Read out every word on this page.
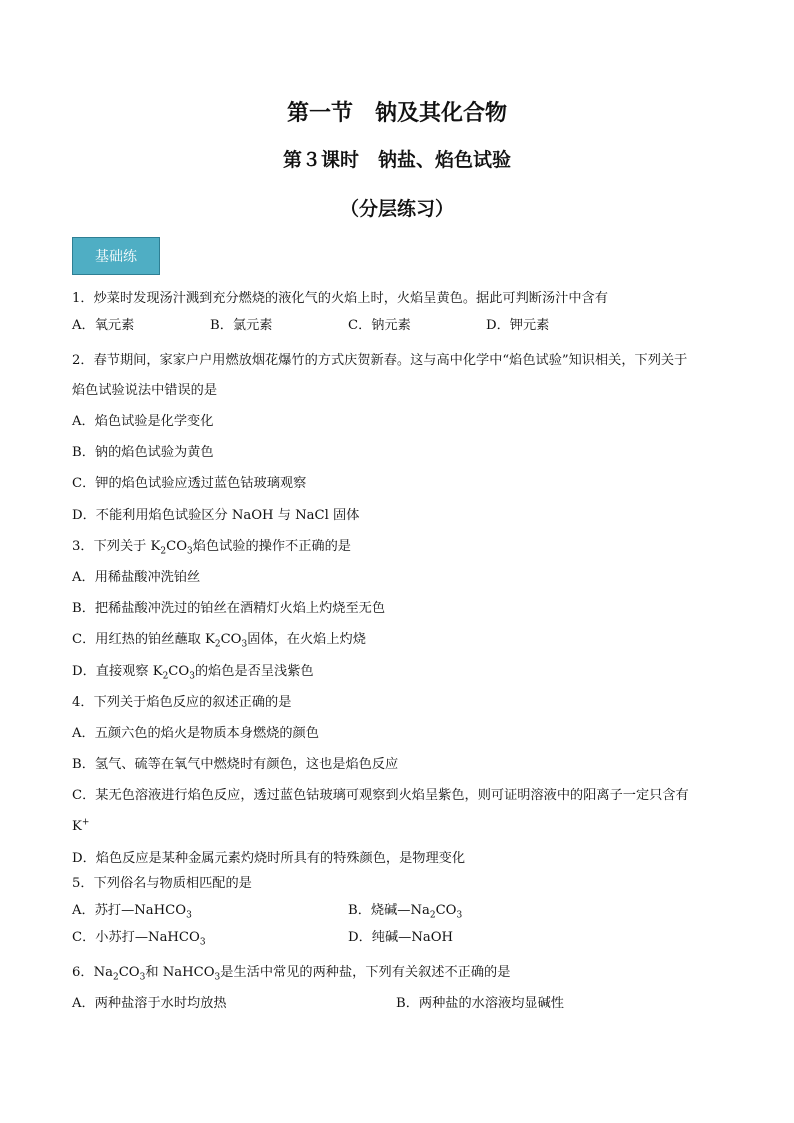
第一节　钠及其化合物
第３课时　钠盐、焰色试验
（分层练习）
基础练
1．炒菜时发现汤汁溅到充分燃烧的液化气的火焰上时，火焰呈黄色。据此可判断汤汁中含有
A．氧元素	B．氯元素	C．钠元素	D．钾元素
2．春节期间，家家户户用燃放烟花爆竹的方式庆贺新春。这与高中化学中“焰色试验”知识相关，下列关于
焰色试验说法中错误的是
A．焰色试验是化学变化
B．钠的焰色试验为黄色
C．钾的焰色试验应透过蓝色钴玻璃观察
D．不能利用焰色试验区分 NaOH 与 NaCl 固体
3．下列关于 $K_2CO_3$焰色试验的操作不正确的是
A．用稀盐酸冲洗铂丝
B．把稀盐酸冲洗过的铂丝在酒精灯火焰上灼烧至无色
C．用红热的铂丝蘸取 $K_2CO_3$固体，在火焰上灼烧
D．直接观察 $K_2CO_3$的焰色是否呈浅紫色
4．下列关于焰色反应的叙述正确的是
A．五颜六色的焰火是物质本身燃烧的颜色
B．氢气、硫等在氧气中燃烧时有颜色，这也是焰色反应
C．某无色溶液进行焰色反应，透过蓝色钴玻璃可观察到火焰呈紫色，则可证明溶液中的阳离子一定只含有
K+
D．焰色反应是某种金属元素灼烧时所具有的特殊颜色，是物理变化
5．下列俗名与物质相匹配的是
A．苏打—NaHCO$_3$	B．烧碱$—Na_2CO_3$
C．小苏打—NaHCO$_3$	D．纯碱—NaOH
6．$Na_2CO_3$和 NaHCO$_3$是生活中常见的两种盐，下列有关叙述不正确的是
A．两种盐溶于水时均放热	B．两种盐的水溶液均显碱性
